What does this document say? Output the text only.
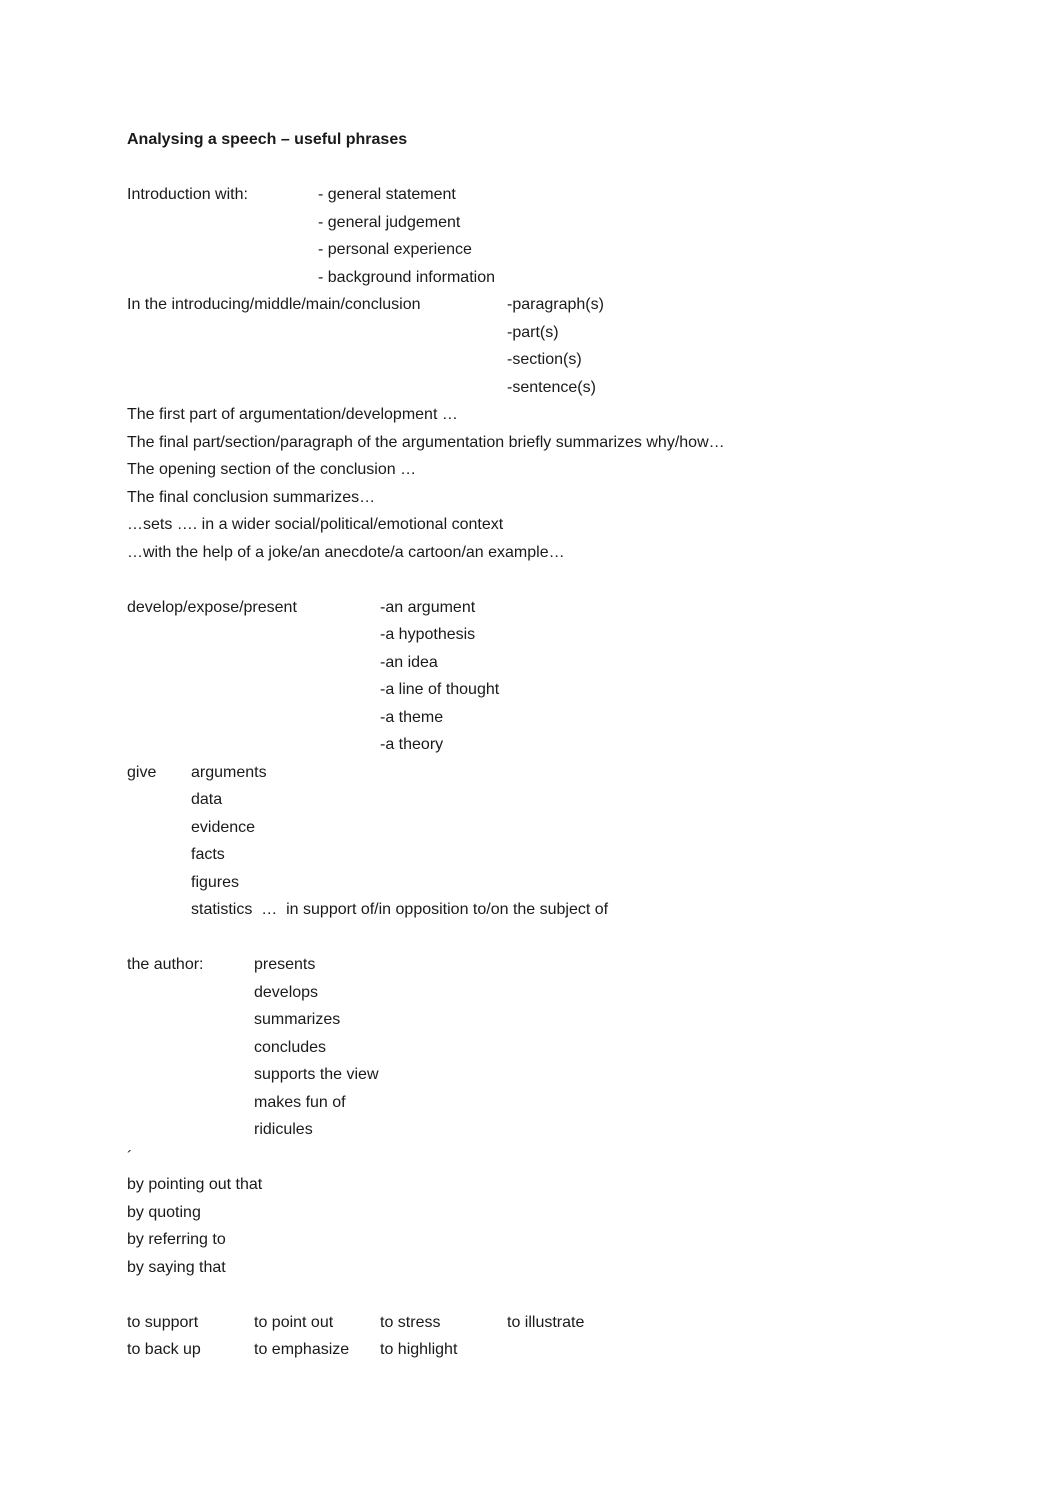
Analysing a speech – useful phrases
Introduction with:	- general statement
- general judgement
- personal experience
- background information
In the introducing/middle/main/conclusion	-paragraph(s)
-part(s)
-section(s)
-sentence(s)
The first part of argumentation/development …
The final part/section/paragraph of the argumentation briefly summarizes why/how…
The opening section of the conclusion …
The final conclusion summarizes…
…sets …. in a wider social/political/emotional context
…with the help of a joke/an anecdote/a cartoon/an example…
develop/expose/present	-an argument
-a hypothesis
-an idea
-a line of thought
-a theme
-a theory
give	arguments
data
evidence
facts
figures
statistics  …  in support of/in opposition to/on the subject of
the author:	presents
develops
summarizes
concludes
supports the view
makes fun of
ridicules
´
by pointing out that
by quoting
by referring to
by saying that
to support	to point out	to stress	to illustrate
to back up	to emphasize	to highlight
